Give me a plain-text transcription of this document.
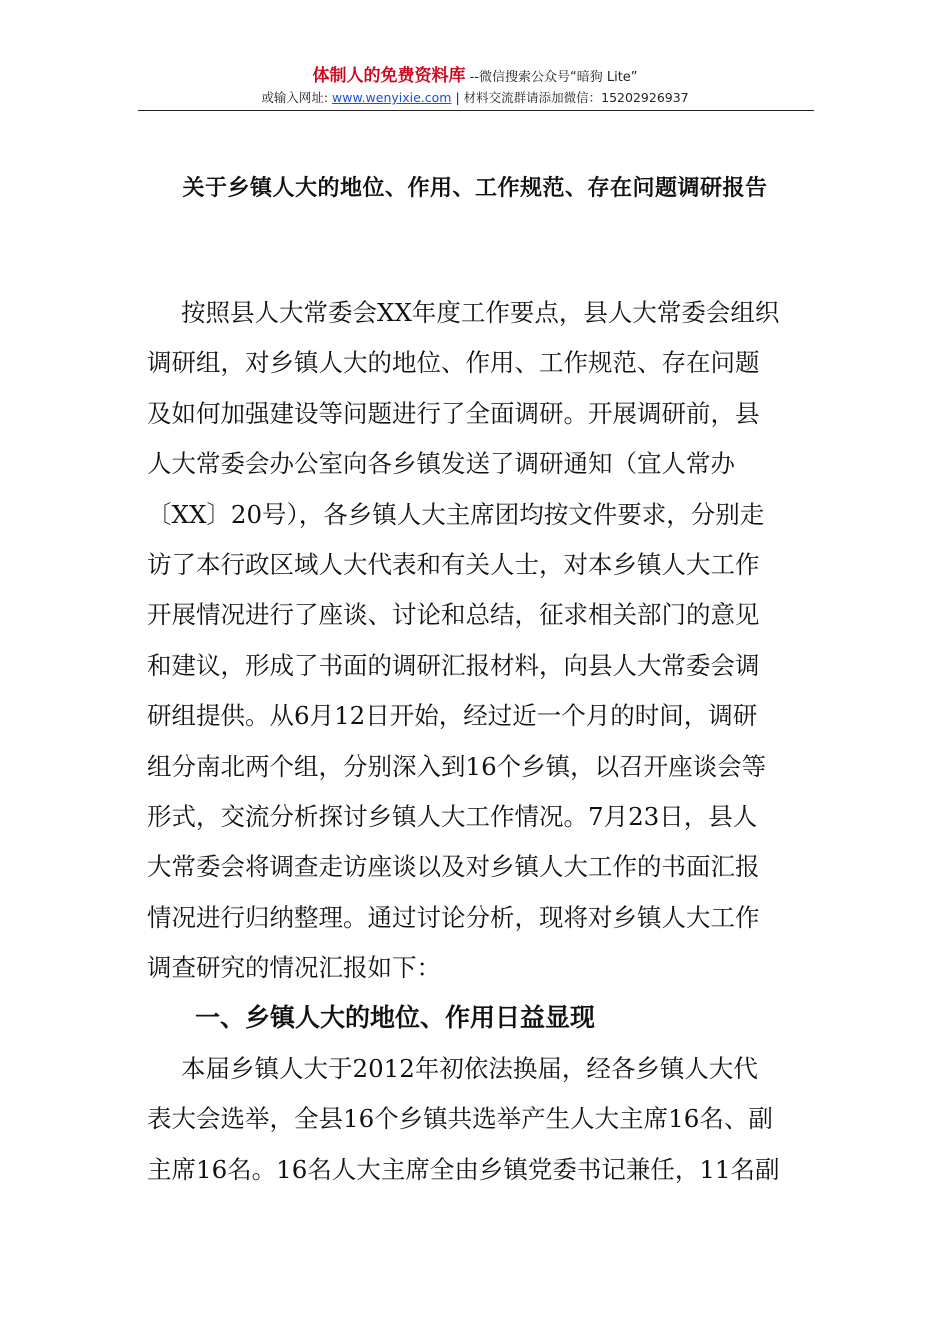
体制人的免费资料库 --微信搜索公众号“暗狗 Lite”
或输入网址: www.wenyixie.com | 材料交流群请添加微信：15202926937
关于乡镇人大的地位、作用、工作规范、存在问题调研报告
按照县人大常委会XX年度工作要点，县人大常委会组织
调研组，对乡镇人大的地位、作用、工作规范、存在问题
及如何加强建设等问题进行了全面调研。开展调研前，县
人大常委会办公室向各乡镇发送了调研通知（宜人常办
〔XX〕20号），各乡镇人大主席团均按文件要求，分别走
访了本行政区域人大代表和有关人士，对本乡镇人大工作
开展情况进行了座谈、讨论和总结，征求相关部门的意见
和建议，形成了书面的调研汇报材料，向县人大常委会调
研组提供。从6月12日开始，经过近一个月的时间，调研
组分南北两个组，分别深入到16个乡镇，以召开座谈会等
形式，交流分析探讨乡镇人大工作情况。7月23日，县人
大常委会将调查走访座谈以及对乡镇人大工作的书面汇报
情况进行归纳整理。通过讨论分析，现将对乡镇人大工作
调查研究的情况汇报如下：
一、乡镇人大的地位、作用日益显现
本届乡镇人大于2012年初依法换届，经各乡镇人大代
表大会选举，全县16个乡镇共选举产生人大主席16名、副
主席16名。16名人大主席全由乡镇党委书记兼任，11名副
